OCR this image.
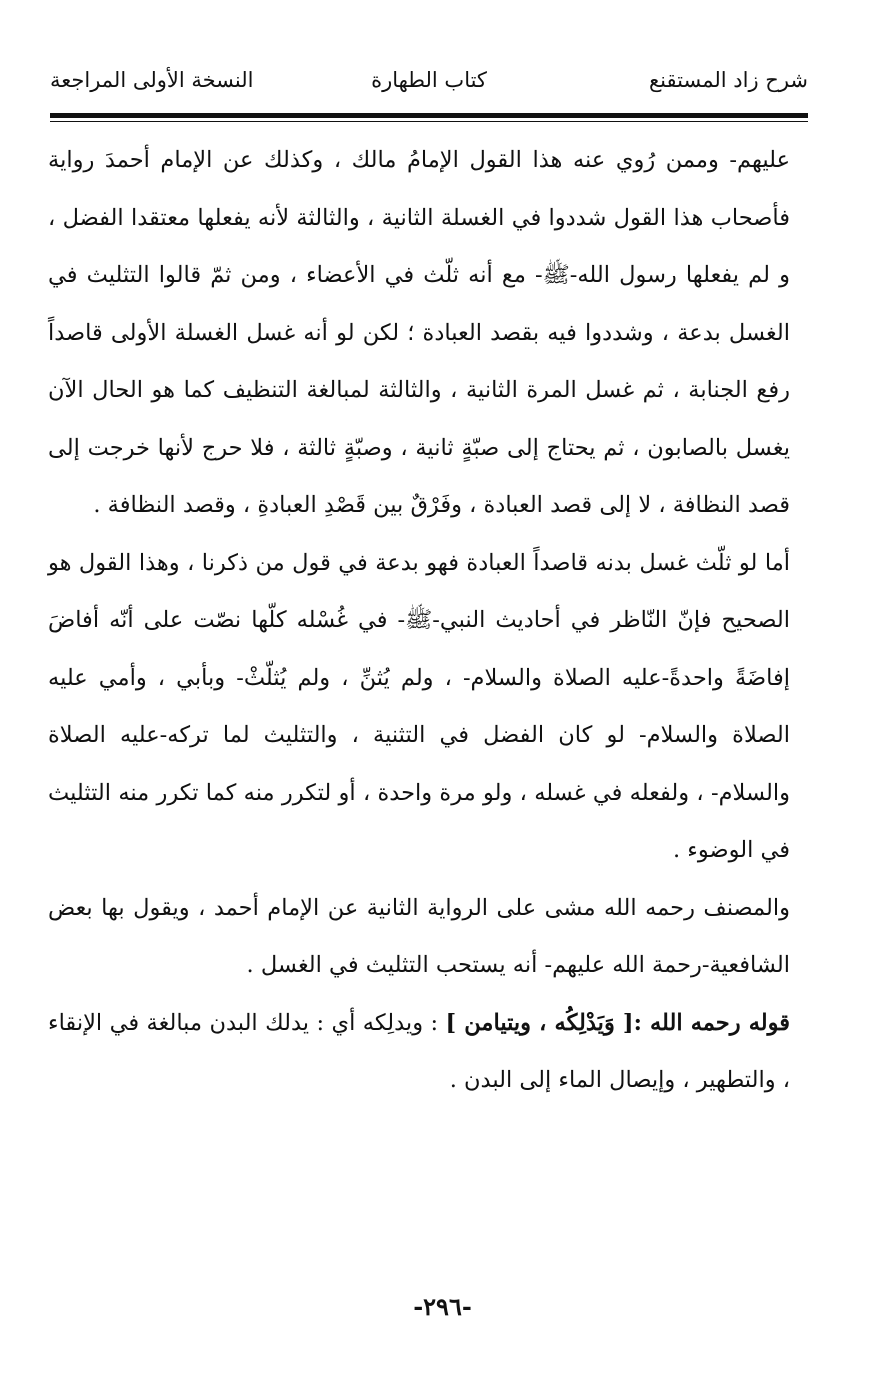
شرح زاد المستقنع
كتاب الطهارة
النسخة الأولى المراجعة

عليهم- وممن رُوي عنه هذا القول الإمامُ مالك ، وكذلك عن الإمام أحمدَ رواية فأصحاب هذا القول شددوا في الغسلة الثانية ، والثالثة لأنه يفعلها معتقدا الفضل ، و لم يفعلها رسول الله-ﷺ- مع أنه ثلّث في الأعضاء ، ومن ثمّ قالوا التثليث في الغسل بدعة ، وشددوا فيه بقصد العبادة ؛ لكن لو أنه غسل الغسلة الأولى قاصداً رفع الجنابة ، ثم غسل المرة الثانية ، والثالثة لمبالغة التنظيف كما هو الحال الآن يغسل بالصابون ، ثم يحتاج إلى صبّةٍ ثانية ، وصبّةٍ ثالثة ، فلا حرج لأنها خرجت إلى قصد النظافة ، لا إلى قصد العبادة ، وفَرْقٌ بين قَصْدِ العبادةِ ، وقصد النظافة .

أما لو ثلّث غسل بدنه قاصداً العبادة فهو بدعة في قول من ذكرنا ، وهذا القول هو الصحيح فإنّ النّاظر في أحاديث النبي-ﷺ- في غُسْله كلّها نصّت على أنّه أفاضَ إفاضَةً واحدةً-عليه الصلاة والسلام- ، ولم يُثنِّ ، ولم يُثلّثْ- وبأبي ، وأمي عليه الصلاة والسلام- لو كان الفضل في التثنية ، والتثليث لما تركه-عليه الصلاة والسلام- ، ولفعله في غسله ، ولو مرة واحدة ، أو لتكرر منه كما تكرر منه التثليث في الوضوء .

والمصنف رحمه الله مشى على الرواية الثانية عن الإمام أحمد ، ويقول بها بعض الشافعية-رحمة الله عليهم- أنه يستحب التثليث في الغسل .

قوله رحمه الله :[ وَيَدْلِكُه ، ويتيامن ] : ويدلِكه أي : يدلك البدن مبالغة في الإنقاء ، والتطهير ، وإيصال الماء إلى البدن .

-٢٩٦-
